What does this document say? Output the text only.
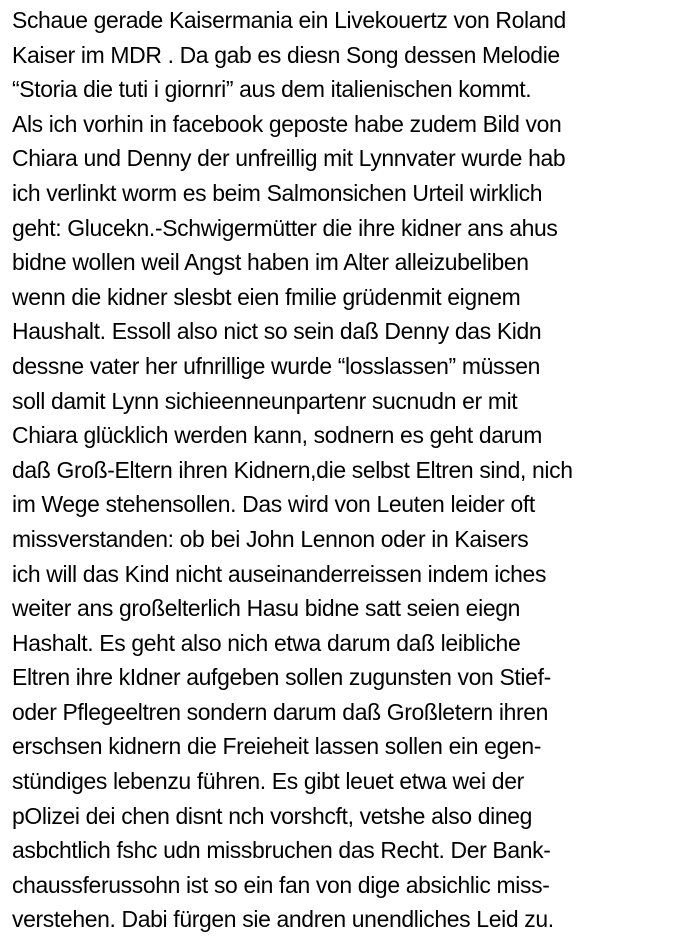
Schaue gerade Kaisermania ein Livekouertz von Roland
Kaiser im MDR . Da gab es diesn Song dessen Melodie
“Storia die tuti i giornri” aus dem italienischen kommt.
Als ich vorhin in facebook geposte habe zudem Bild von
Chiara und Denny der unfreillig mit Lynnvater wurde hab
ich verlinkt worm es beim Salmonsichen Urteil wirklich
geht: Glucekn.-Schwigermütter die ihre kidner ans ahus
bidne wollen weil Angst haben im Alter alleizubeliben
wenn die kidner slesbt eien fmilie grüdenmit eignem
Haushalt. Essoll also nict so sein daß Denny das Kidn
dessne vater her ufnrillige wurde “losslassen” müssen
soll damit Lynn sichieenneunpartenr sucnudn er mit
Chiara glücklich werden kann, sodnern es geht darum
daß Groß-Eltern ihren Kidnern,die selbst Eltren sind, nich
im Wege stehensollen. Das wird von Leuten leider oft
missverstanden: ob bei John Lennon oder in Kaisers
ich will das Kind nicht auseinanderreissen indem iches
weiter ans großelterlich Hasu bidne satt seien eiegn
Hashalt. Es geht also nich etwa darum daß leibliche
Eltren ihre kIdner aufgeben sollen zugunsten von Stief-
oder Pflegeeltren sondern darum daß Großletern ihren
erschsen kidnern die Freieheit lassen sollen ein egen-
stündiges lebenzu führen. Es gibt leuet etwa wei der
pOlizei dei chen disnt nch vorshcft, vetshe also dineg
asbchtlich fshc udn missbruchen das Recht. Der Bank-
chaussferussohn ist so ein fan von dige absichlic miss-
verstehen. Dabi fürgen sie andren unendliches Leid zu.
